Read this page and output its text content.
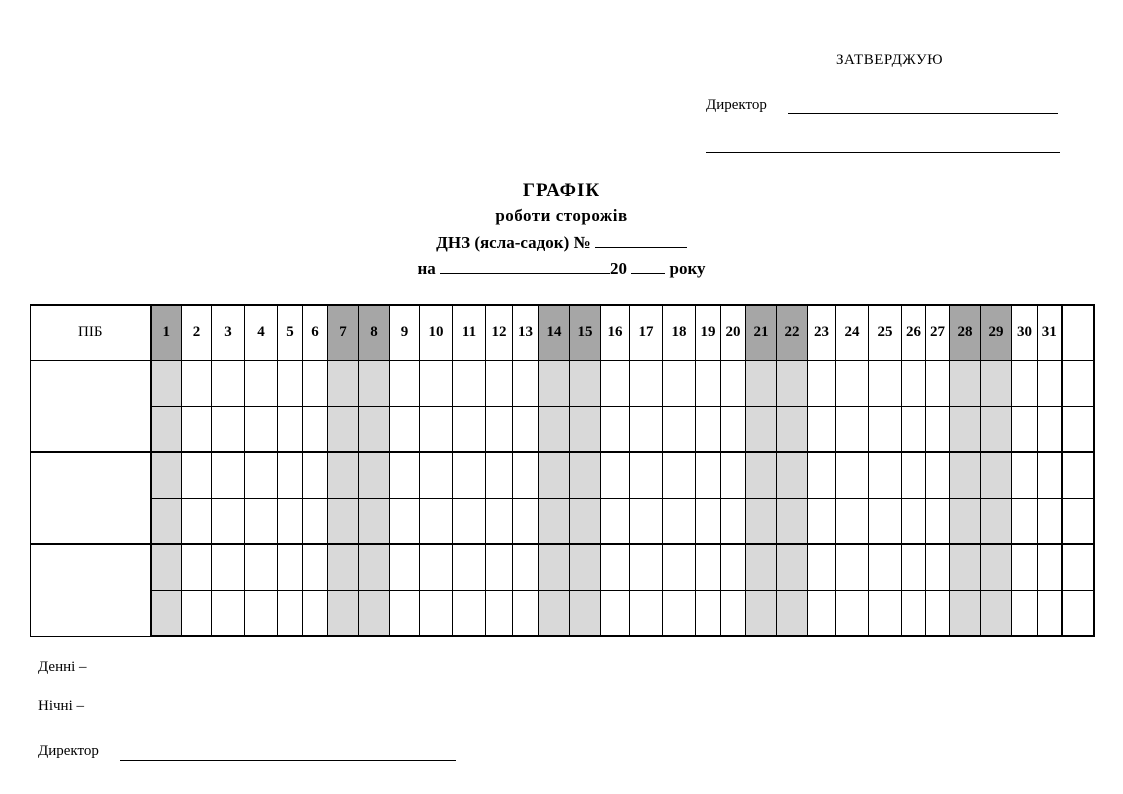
ЗАТВЕРДЖУЮ
Директор
ГРАФІК
роботи сторожів
ДНЗ (ясла-садок) №
на	20	року
ПІБ	1	2	3	4	5	6	7	8	9	10	11	12	13	14	15	16	17	18	19	20	21	22	23	24	25	26	27	28	29	30	31	

Денні –
Нічні –
Директор
